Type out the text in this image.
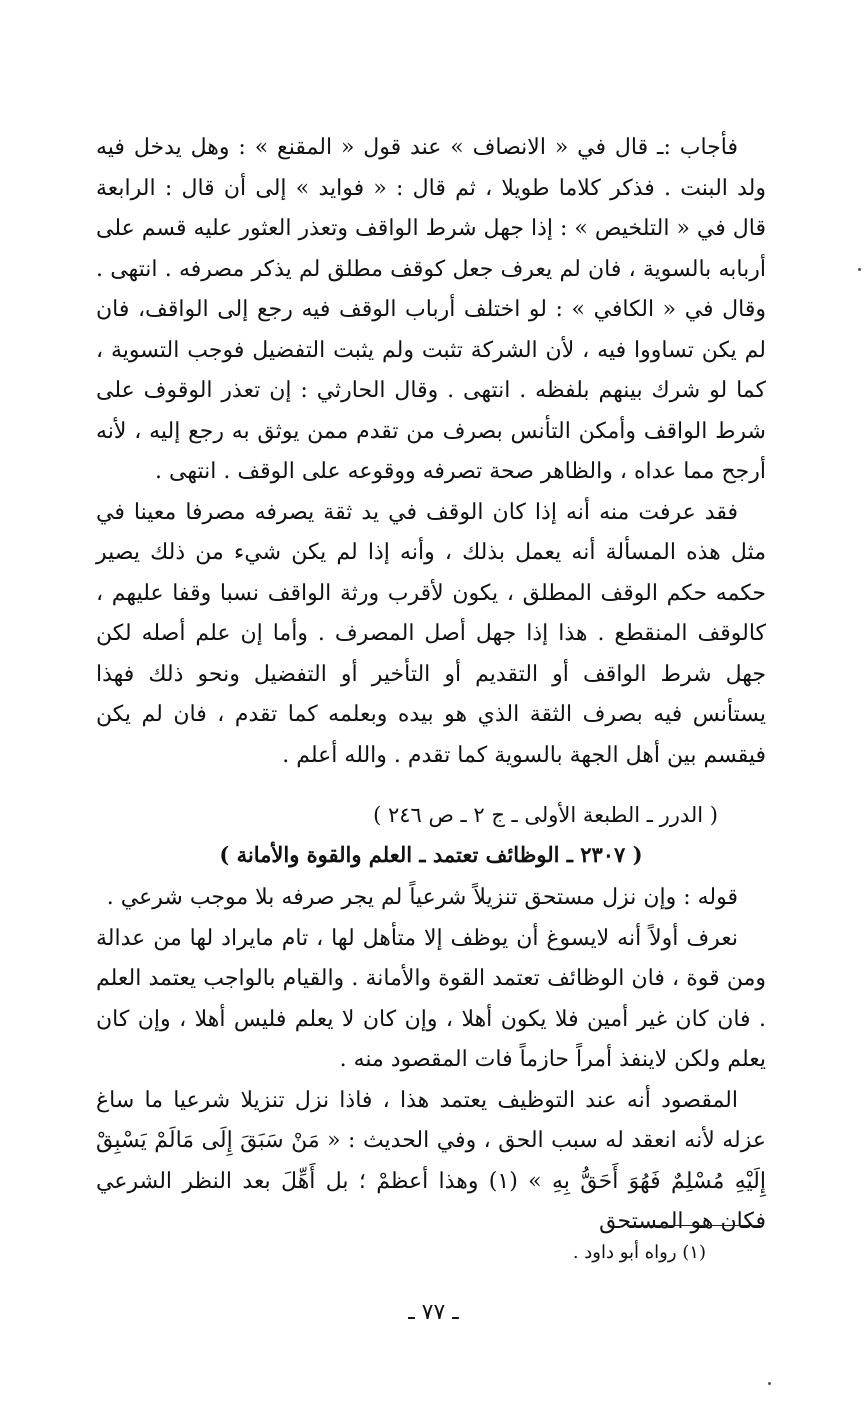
فأجاب :ـ قال في « الانصاف » عند قول « المقنع » : وهل يدخل فيه ولد البنت . فذكر كلاما طويلا ، ثم قال : « فوايد » إلى أن قال : الرابعة قال في « التلخيص » : إذا جهل شرط الواقف وتعذر العثور عليه قسم على أربابه بالسوية ، فان لم يعرف جعل كوقف مطلق لم يذكر مصرفه . انتهى . وقال في « الكافي » : لو اختلف أرباب الوقف فيه رجع إلى الواقف، فان لم يكن تساووا فيه ، لأن الشركة تثبت ولم يثبت التفضيل فوجب التسوية ، كما لو شرك بينهم بلفظه . انتهى . وقال الحارثي : إن تعذر الوقوف على شرط الواقف وأمكن التأنس بصرف من تقدم ممن يوثق به رجع إليه ، لأنه أرجح مما عداه ، والظاهر صحة تصرفه ووقوعه على الوقف . انتهى .

فقد عرفت منه أنه إذا كان الوقف في يد ثقة يصرفه مصرفا معينا في مثل هذه المسألة أنه يعمل بذلك ، وأنه إذا لم يكن شيء من ذلك يصير حكمه حكم الوقف المطلق ، يكون لأقرب ورثة الواقف نسبا وقفا عليهم ، كالوقف المنقطع . هذا إذا جهل أصل المصرف . وأما إن علم أصله لكن جهل شرط الواقف أو التقديم أو التأخير أو التفضيل ونحو ذلك فهذا يستأنس فيه بصرف الثقة الذي هو بيده وبعلمه كما تقدم ، فان لم يكن فيقسم بين أهل الجهة بالسوية كما تقدم . والله أعلم .

( الدرر ـ الطبعة الأولى ـ ج ٢ ـ ص ٢٤٦ )
( ٢٣٠٧ ـ الوظائف تعتمد ـ العلم والقوة والأمانة )

قوله : وإن نزل مستحق تنزيلاً شرعياً لم يجر صرفه بلا موجب شرعي .

نعرف أولاً أنه لايسوغ أن يوظف إلا متأهل لها ، تام مايراد لها من عدالة ومن قوة ، فان الوظائف تعتمد القوة والأمانة . والقيام بالواجب يعتمد العلم . فان كان غير أمين فلا يكون أهلا ، وإن كان لا يعلم فليس أهلا ، وإن كان يعلم ولكن لاينفذ أمراً حازماً فات المقصود منه .

المقصود أنه عند التوظيف يعتمد هذا ، فاذا نزل تنزيلا شرعيا ما ساغ عزله لأنه انعقد له سبب الحق ، وفي الحديث : « مَنْ سَبَقَ إِلَى مَالَمْ يَسْبِقْ إِلَيْهِ مُسْلِمٌ فَهُوَ أَحَقُّ بِهِ » (١) وهذا أعظمْ ؛ بل أَهِّلَ بعد النظر الشرعي فكان هو المستحق

(١) رواه أبو داود .
ـ ٧٧ ـ
